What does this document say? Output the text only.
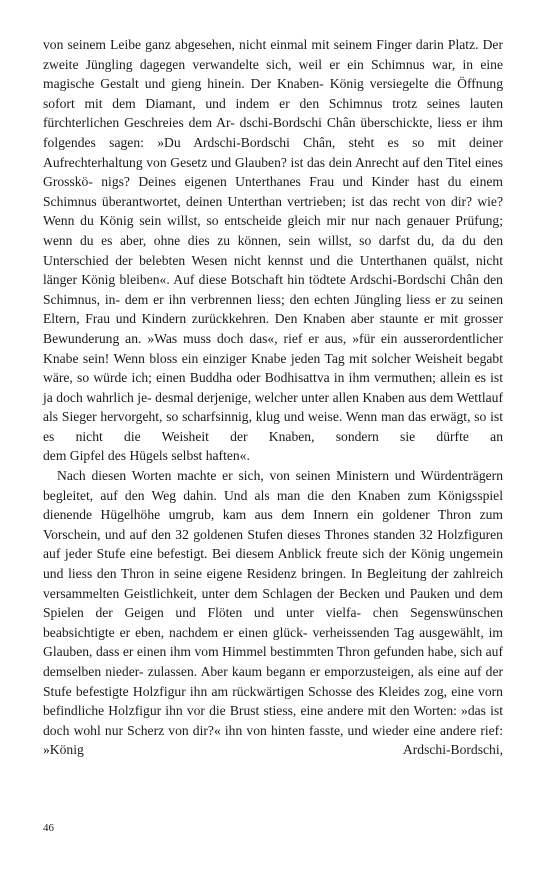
von seinem Leibe ganz abgesehen, nicht einmal mit seinem Finger darin Platz. Der zweite Jüngling dagegen verwandelte sich, weil er ein Schimnus war, in eine magische Gestalt und gieng hinein. Der Knaben- König versiegelte die Öffnung sofort mit dem Diamant, und indem er den Schimnus trotz seines lauten fürchterlichen Geschreies dem Ar- dschi-Bordschi Chân überschickte, liess er ihm folgendes sagen: »Du Ardschi-Bordschi Chân, steht es so mit deiner Aufrechterhaltung von Gesetz und Glauben? ist das dein Anrecht auf den Titel eines Grosskö- nigs? Deines eigenen Unterthanes Frau und Kinder hast du einem Schimnus überantwortet, deinen Unterthan vertrieben; ist das recht von dir? wie? Wenn du König sein willst, so entscheide gleich mir nur nach genauer Prüfung; wenn du es aber, ohne dies zu können, sein willst, so darfst du, da du den Unterschied der belebten Wesen nicht kennst und die Unterthanen quälst, nicht länger König bleiben«. Auf diese Botschaft hin tödtete Ardschi-Bordschi Chân den Schimnus, in- dem er ihn verbrennen liess; den echten Jüngling liess er zu seinen Eltern, Frau und Kindern zurückkehren. Den Knaben aber staunte er mit grosser Bewunderung an. »Was muss doch das«, rief er aus, »für ein ausserordentlicher Knabe sein! Wenn bloss ein einziger Knabe jeden Tag mit solcher Weisheit begabt wäre, so würde ich; einen Buddha oder Bodhisattva in ihm vermuthen; allein es ist ja doch wahrlich je- desmal derjenige, welcher unter allen Knaben aus dem Wettlauf als Sieger hervorgeht, so scharfsinnig, klug und weise. Wenn man das erwägt, so ist es nicht die Weisheit der Knaben, sondern sie dürfte an
dem Gipfel des Hügels selbst haften«.

Nach diesen Worten machte er sich, von seinen Ministern und Würdenträgern begleitet, auf den Weg dahin. Und als man die den Knaben zum Königsspiel dienende Hügelhöhe umgrub, kam aus dem Innern ein goldener Thron zum Vorschein, und auf den 32 goldenen Stufen dieses Thrones standen 32 Holzfiguren auf jeder Stufe eine befestigt. Bei diesem Anblick freute sich der König ungemein und liess den Thron in seine eigene Residenz bringen. In Begleitung der zahlreich versammelten Geistlichkeit, unter dem Schlagen der Becken und Pauken und dem Spielen der Geigen und Flöten und unter vielfa- chen Segenswünschen beabsichtigte er eben, nachdem er einen glück- verheissenden Tag ausgewählt, im Glauben, dass er einen ihm vom Himmel bestimmten Thron gefunden habe, sich auf demselben nieder- zulassen. Aber kaum begann er emporzusteigen, als eine auf der Stufe befestigte Holzfigur ihn am rückwärtigen Schosse des Kleides zog, eine vorn befindliche Holzfigur ihn vor die Brust stiess, eine andere mit den Worten: »das ist doch wohl nur Scherz von dir?« ihn von hinten fasste, und wieder eine andere rief: »König Ardschi-Bordschi,

46
